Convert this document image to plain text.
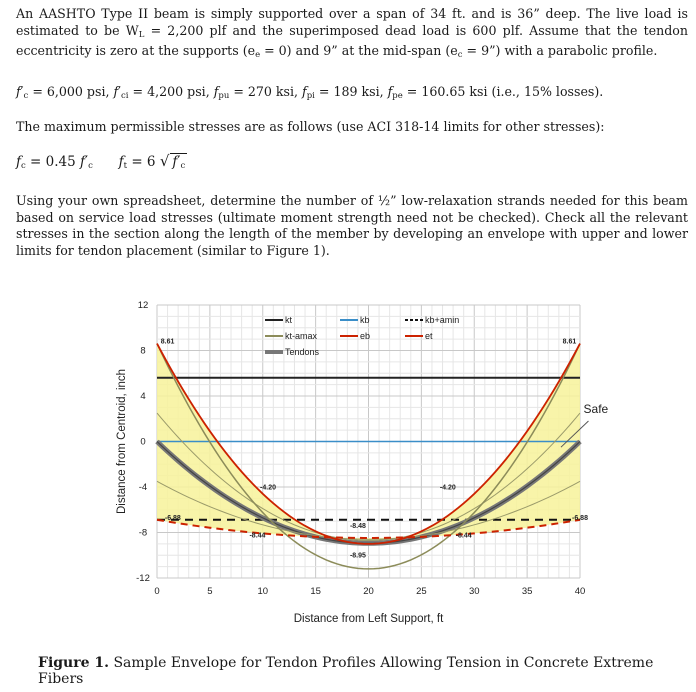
An AASHTO Type II beam is simply supported over a span of 34 ft. and is 36” deep. The live load is estimated to be $W_L = 2,200$ plf and the superimposed dead load is 600 plf. Assume that the tendon eccentricity is zero at the supports $(e_e = 0)$ and 9” at the mid-span ($e_c$ = 9”) with a parabolic profile.

$f'_c = 6,000$ psi, $f'_{ci} = 4,200$ psi, $f_{pu} = 270$ ksi, $f_{pi} = 189$ ksi, $f_{pe} = 160.65$ ksi (i.e., 15% losses).

The maximum permissible stresses are as follows (use ACI 318-14 limits for other stresses):

$f_c = 0.45$ $f'_c$ $f_t = 6$ √ $f'_c$

Using your own spreadsheet, determine the number of ½” low-relaxation strands needed for this beam based on service load stresses (ultimate moment strength need not be checked). Check all the relevant stresses in the section along the length of the member by developing an envelope with upper and lower limits for tendon placement (similar to Figure 1).

0	5	10	15	20	25	30	35	40
12
8
4
0
-4
-8
-12
Distance from Left Support, ft
Distance from Centroid, inch
8.61	8.61
-4.20	-4.20
-6.88	-6.88
-8.44	-8.44
-8.48
-8.95
Safe
kt	kb	kb+amin
kt-amax	eb	et
Tendons
Figure 1. Sample Envelope for Tendon Profiles Allowing Tension in Concrete Extreme Fibers
